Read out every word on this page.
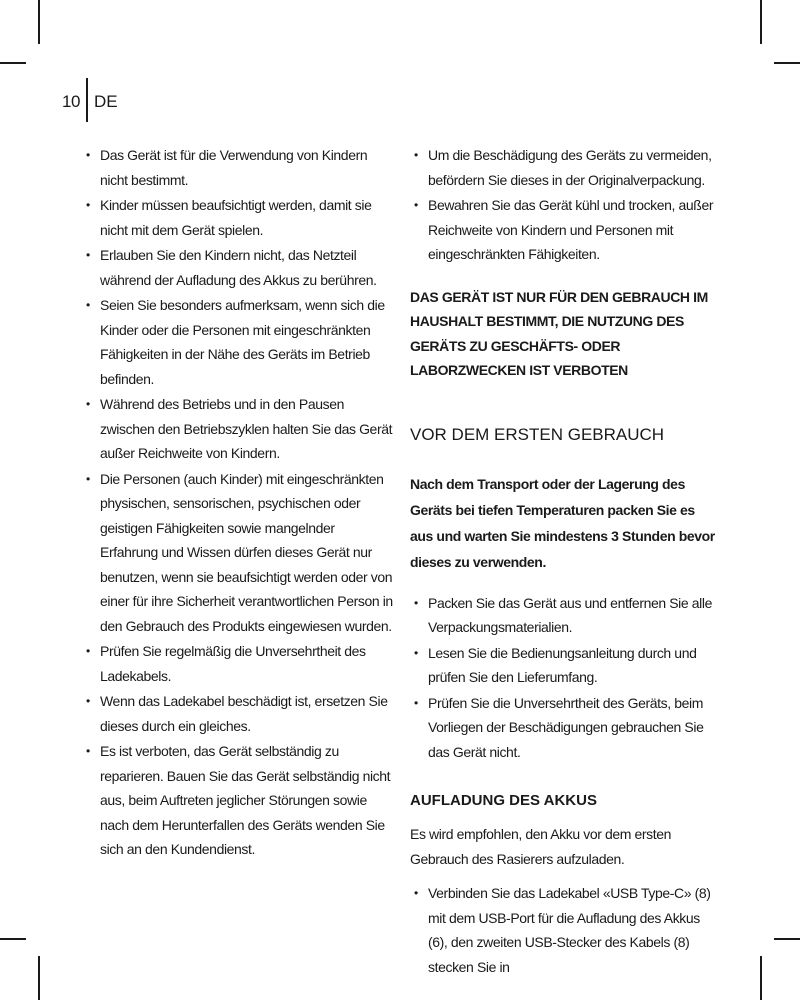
10 DE
• Das Gerät ist für die Verwendung von Kindern nicht bestimmt.
• Kinder müssen beaufsichtigt werden, damit sie nicht mit dem Gerät spielen.
• Erlauben Sie den Kindern nicht, das Netzteil während der Aufladung des Akkus zu berühren.
• Seien Sie besonders aufmerksam, wenn sich die Kinder oder die Personen mit eingeschränkten Fähigkeiten in der Nähe des Geräts im Betrieb befinden.
• Während des Betriebs und in den Pausen zwischen den Betriebszyklen halten Sie das Gerät außer Reichweite von Kindern.
• Die Personen (auch Kinder) mit eingeschränkten physischen, sensorischen, psychischen oder geistigen Fähigkeiten sowie mangelnder Erfahrung und Wissen dürfen dieses Gerät nur benutzen, wenn sie beaufsichtigt werden oder von einer für ihre Sicherheit verantwortlichen Person in den Gebrauch des Produkts eingewiesen wurden.
• Prüfen Sie regelmäßig die Unversehrtheit des Ladekabels.
• Wenn das Ladekabel beschädigt ist, ersetzen Sie dieses durch ein gleiches.
• Es ist verboten, das Gerät selbständig zu reparieren. Bauen Sie das Gerät selbständig nicht aus, beim Auftreten jeglicher Störungen sowie nach dem Herunterfallen des Geräts wenden Sie sich an den Kundendienst.
• Um die Beschädigung des Geräts zu vermeiden, befördern Sie dieses in der Originalverpackung.
• Bewahren Sie das Gerät kühl und trocken, außer Reichweite von Kindern und Personen mit eingeschränkten Fähigkeiten.

DAS GERÄT IST NUR FÜR DEN GEBRAUCH IM HAUSHALT BESTIMMT, DIE NUTZUNG DES GERÄTS ZU GESCHÄFTS- ODER LABORZWECKEN IST VERBOTEN

VOR DEM ERSTEN GEBRAUCH

Nach dem Transport oder der Lagerung des Geräts bei tiefen Temperaturen packen Sie es aus und warten Sie mindestens 3 Stunden bevor dieses zu verwenden.

• Packen Sie das Gerät aus und entfernen Sie alle Verpackungsmaterialien.
• Lesen Sie die Bedienungsanleitung durch und prüfen Sie den Lieferumfang.
• Prüfen Sie die Unversehrtheit des Geräts, beim Vorliegen der Beschädigungen gebrauchen Sie das Gerät nicht.
AUFLADUNG DES AKKUS

Es wird empfohlen, den Akku vor dem ersten Gebrauch des Rasierers aufzuladen.

• Verbinden Sie das Ladekabel «USB Type-C» (8) mit dem USB-Port für die Aufladung des Akkus (6), den zweiten USB-Stecker des Kabels (8) stecken Sie in
